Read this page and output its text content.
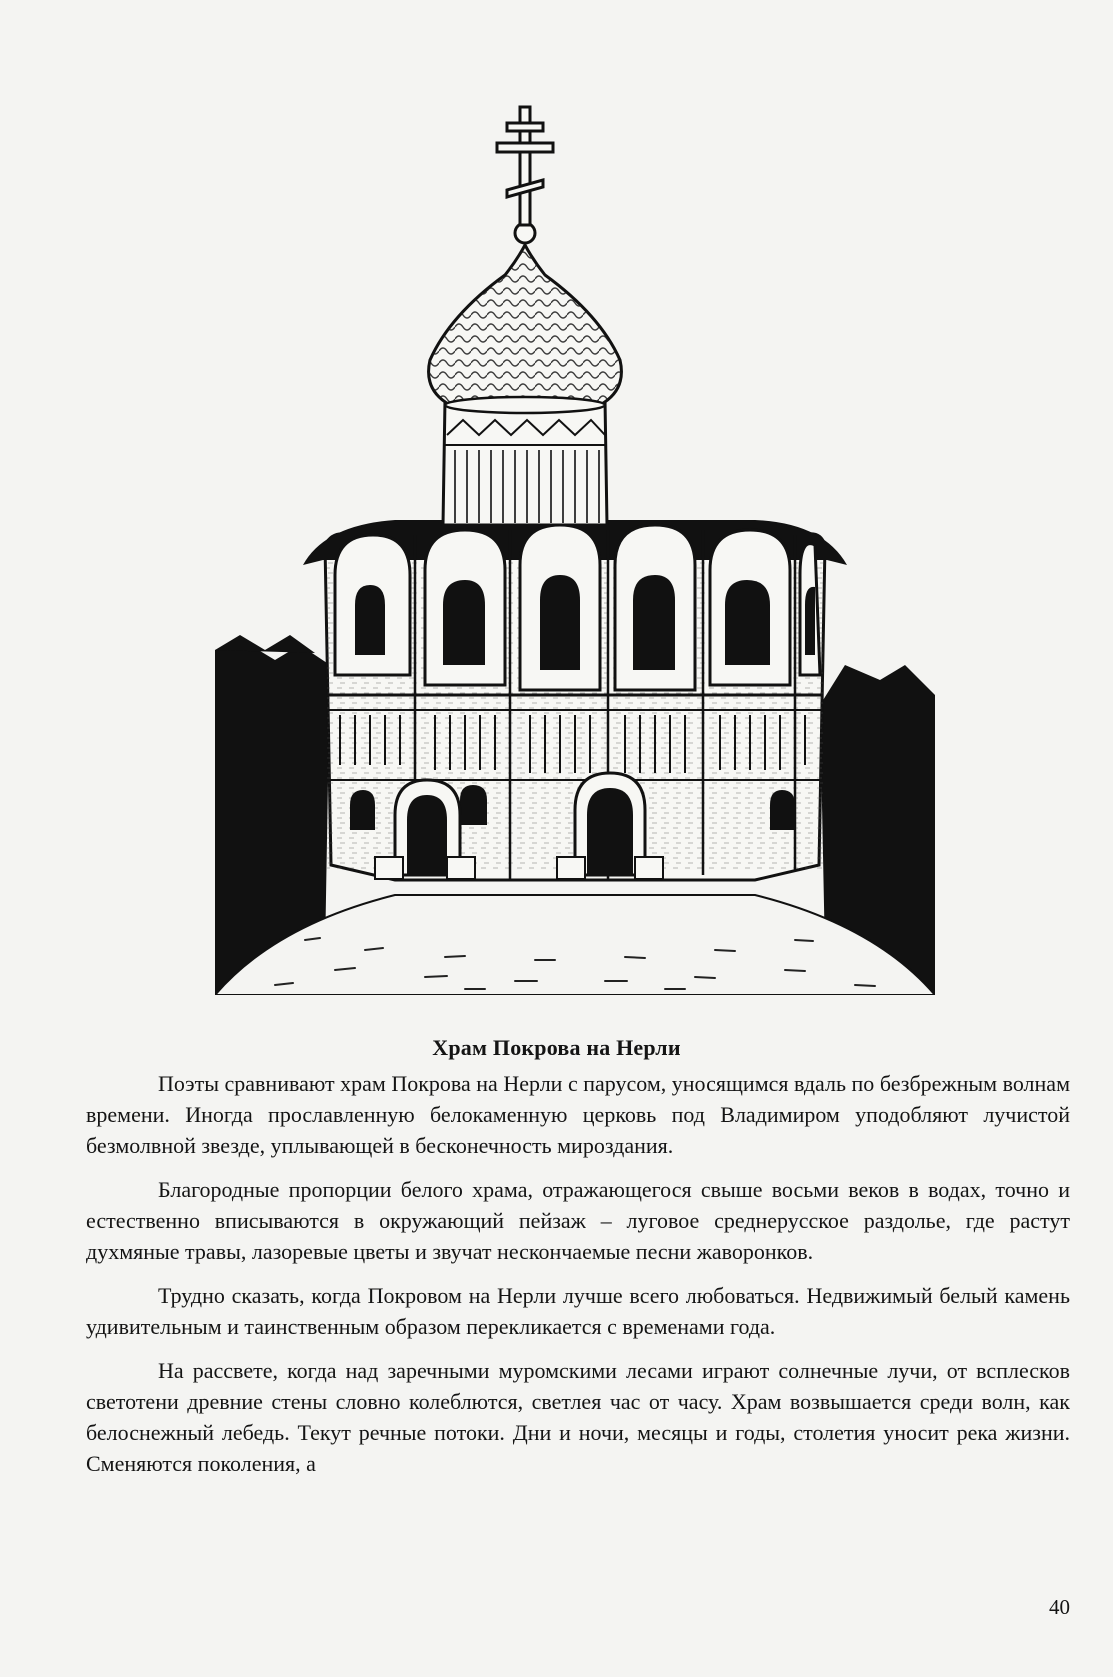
Храм Покрова на Нерли

Поэты сравнивают храм Покрова на Нерли с парусом, уносящимся вдаль по безбрежным волнам времени. Иногда прославленную белокаменную церковь под Владимиром уподобляют лучистой безмолвной звезде, уплывающей в бесконечность мироздания.

Благородные пропорции белого храма, отражающегося свыше восьми веков в водах, точно и естественно вписываются в окружающий пейзаж – луговое среднерусское раздолье, где растут духмяные травы, лазоревые цветы и звучат нескончаемые песни жаворонков.

Трудно сказать, когда Покровом на Нерли лучше всего любоваться. Недвижимый белый камень удивительным и таинственным образом перекликается с временами года.

На рассвете, когда над заречными муромскими лесами играют солнечные лучи, от всплесков светотени древние стены словно колеблются, светлея час от часу. Храм возвышается среди волн, как белоснежный лебедь. Текут речные потоки. Дни и ночи, месяцы и годы, столетия уносит река жизни. Сменяются поколения, а

40
